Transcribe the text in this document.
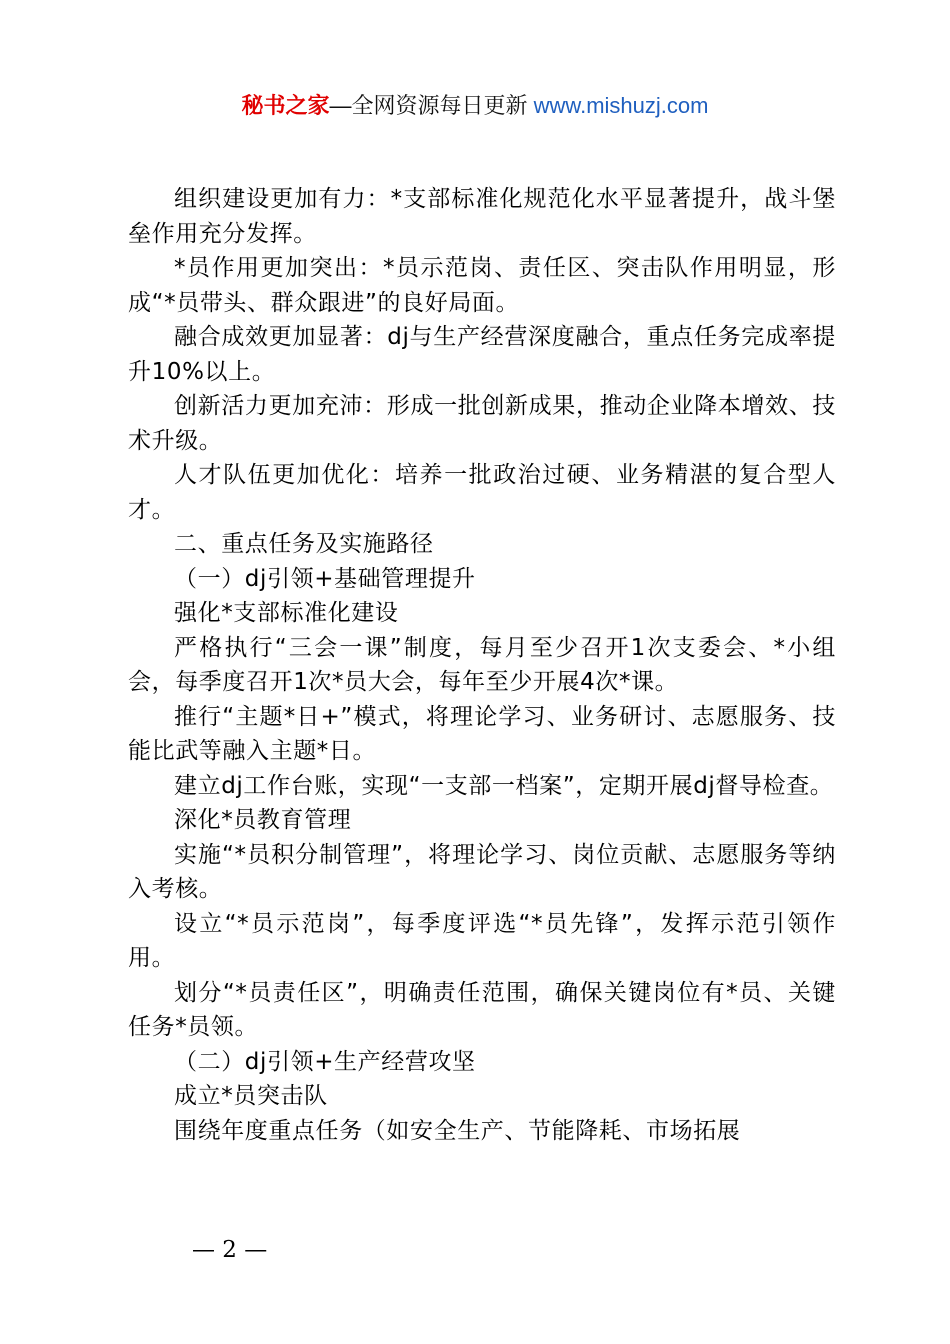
秘书之家—全网资源每日更新 www.mishuzj.com

组织建设更加有力：*支部标准化规范化水平显著提升，战斗堡垒作用充分发挥。

*员作用更加突出：*员示范岗、责任区、突击队作用明显，形成“*员带头、群众跟进”的良好局面。

融合成效更加显著：dj与生产经营深度融合，重点任务完成率提升10%以上。

创新活力更加充沛：形成一批创新成果，推动企业降本增效、技术升级。

人才队伍更加优化：培养一批政治过硬、业务精湛的复合型人才。

二、重点任务及实施路径

（一）dj引领+基础管理提升

强化*支部标准化建设

严格执行“三会一课”制度，每月至少召开1次支委会、*小组会，每季度召开1次*员大会，每年至少开展4次*课。

推行“主题*日+”模式，将理论学习、业务研讨、志愿服务、技能比武等融入主题*日。

建立dj工作台账，实现“一支部一档案”，定期开展dj督导检查。

深化*员教育管理

实施“*员积分制管理”，将理论学习、岗位贡献、志愿服务等纳入考核。

设立“*员示范岗”，每季度评选“*员先锋”，发挥示范引领作用。

划分“*员责任区”，明确责任范围，确保关键岗位有*员、关键任务*员领。

（二）dj引领+生产经营攻坚

成立*员突击队

围绕年度重点任务（如安全生产、节能降耗、市场拓展

— 2 —
